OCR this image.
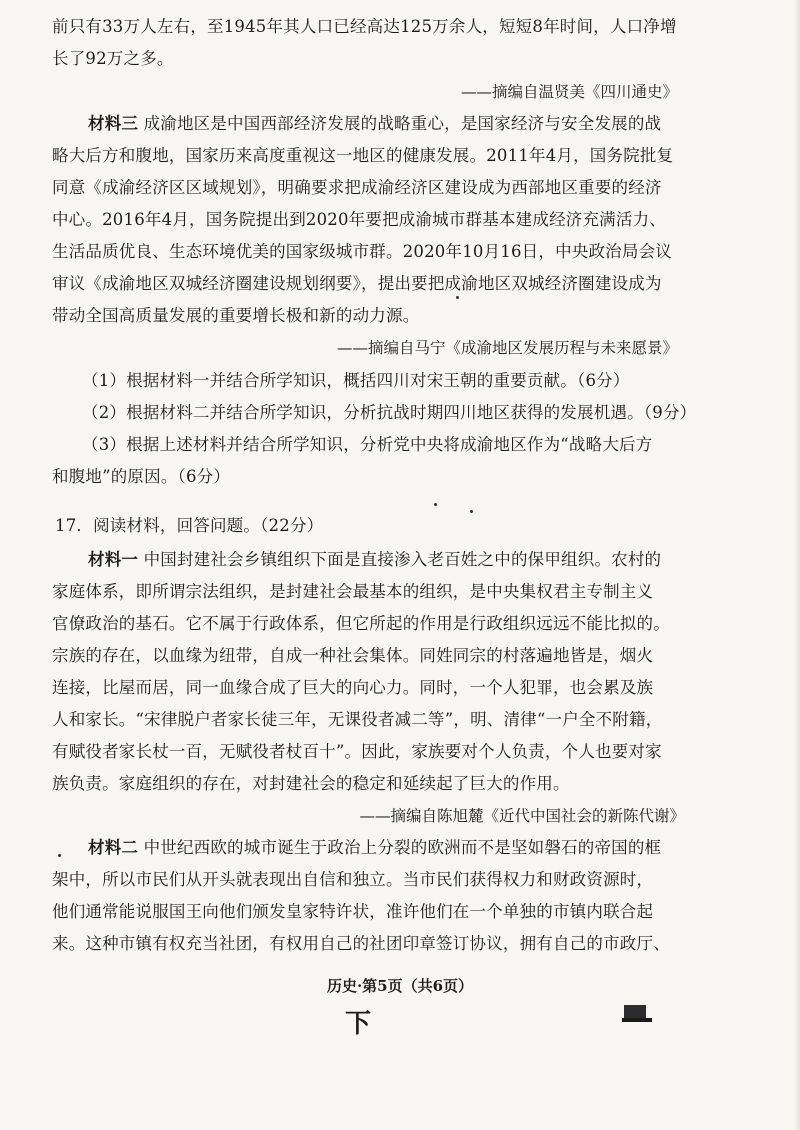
前只有33万人左右，至1945年其人口已经高达125万余人，短短8年时间，人口净增
长了92万之多。
——摘编自温贤美《四川通史》
材料三 成渝地区是中国西部经济发展的战略重心，是国家经济与安全发展的战
略大后方和腹地，国家历来高度重视这一地区的健康发展。2011年4月，国务院批复
同意《成渝经济区区域规划》，明确要求把成渝经济区建设成为西部地区重要的经济
中心。2016年4月，国务院提出到2020年要把成渝城市群基本建成经济充满活力、
生活品质优良、生态环境优美的国家级城市群。2020年10月16日，中央政治局会议
审议《成渝地区双城经济圈建设规划纲要》，提出要把成渝地区双城经济圈建设成为
带动全国高质量发展的重要增长极和新的动力源。
——摘编自马宁《成渝地区发展历程与未来愿景》
（1）根据材料一并结合所学知识，概括四川对宋王朝的重要贡献。（6分）
（2）根据材料二并结合所学知识，分析抗战时期四川地区获得的发展机遇。（9分）
（3）根据上述材料并结合所学知识，分析党中央将成渝地区作为“战略大后方
和腹地”的原因。（6分）
17．阅读材料，回答问题。（22分）
材料一 中国封建社会乡镇组织下面是直接渗入老百姓之中的保甲组织。农村的
家庭体系，即所谓宗法组织，是封建社会最基本的组织，是中央集权君主专制主义
官僚政治的基石。它不属于行政体系，但它所起的作用是行政组织远远不能比拟的。
宗族的存在，以血缘为纽带，自成一种社会集体。同姓同宗的村落遍地皆是，烟火
连接，比屋而居，同一血缘合成了巨大的向心力。同时，一个人犯罪，也会累及族
人和家长。“宋律脱户者家长徒三年，无课役者减二等”，明、清律“一户全不附籍，
有赋役者家长杖一百，无赋役者杖百十”。因此，家族要对个人负责，个人也要对家
族负责。家庭组织的存在，对封建社会的稳定和延续起了巨大的作用。
——摘编自陈旭麓《近代中国社会的新陈代谢》
材料二 中世纪西欧的城市诞生于政治上分裂的欧洲而不是坚如磐石的帝国的框
架中，所以市民们从开头就表现出自信和独立。当市民们获得权力和财政资源时，
他们通常能说服国王向他们颁发皇家特许状，准许他们在一个单独的市镇内联合起
来。这种市镇有权充当社团，有权用自己的社团印章签订协议，拥有自己的市政厅、
历史·第5页（共6页）
下
